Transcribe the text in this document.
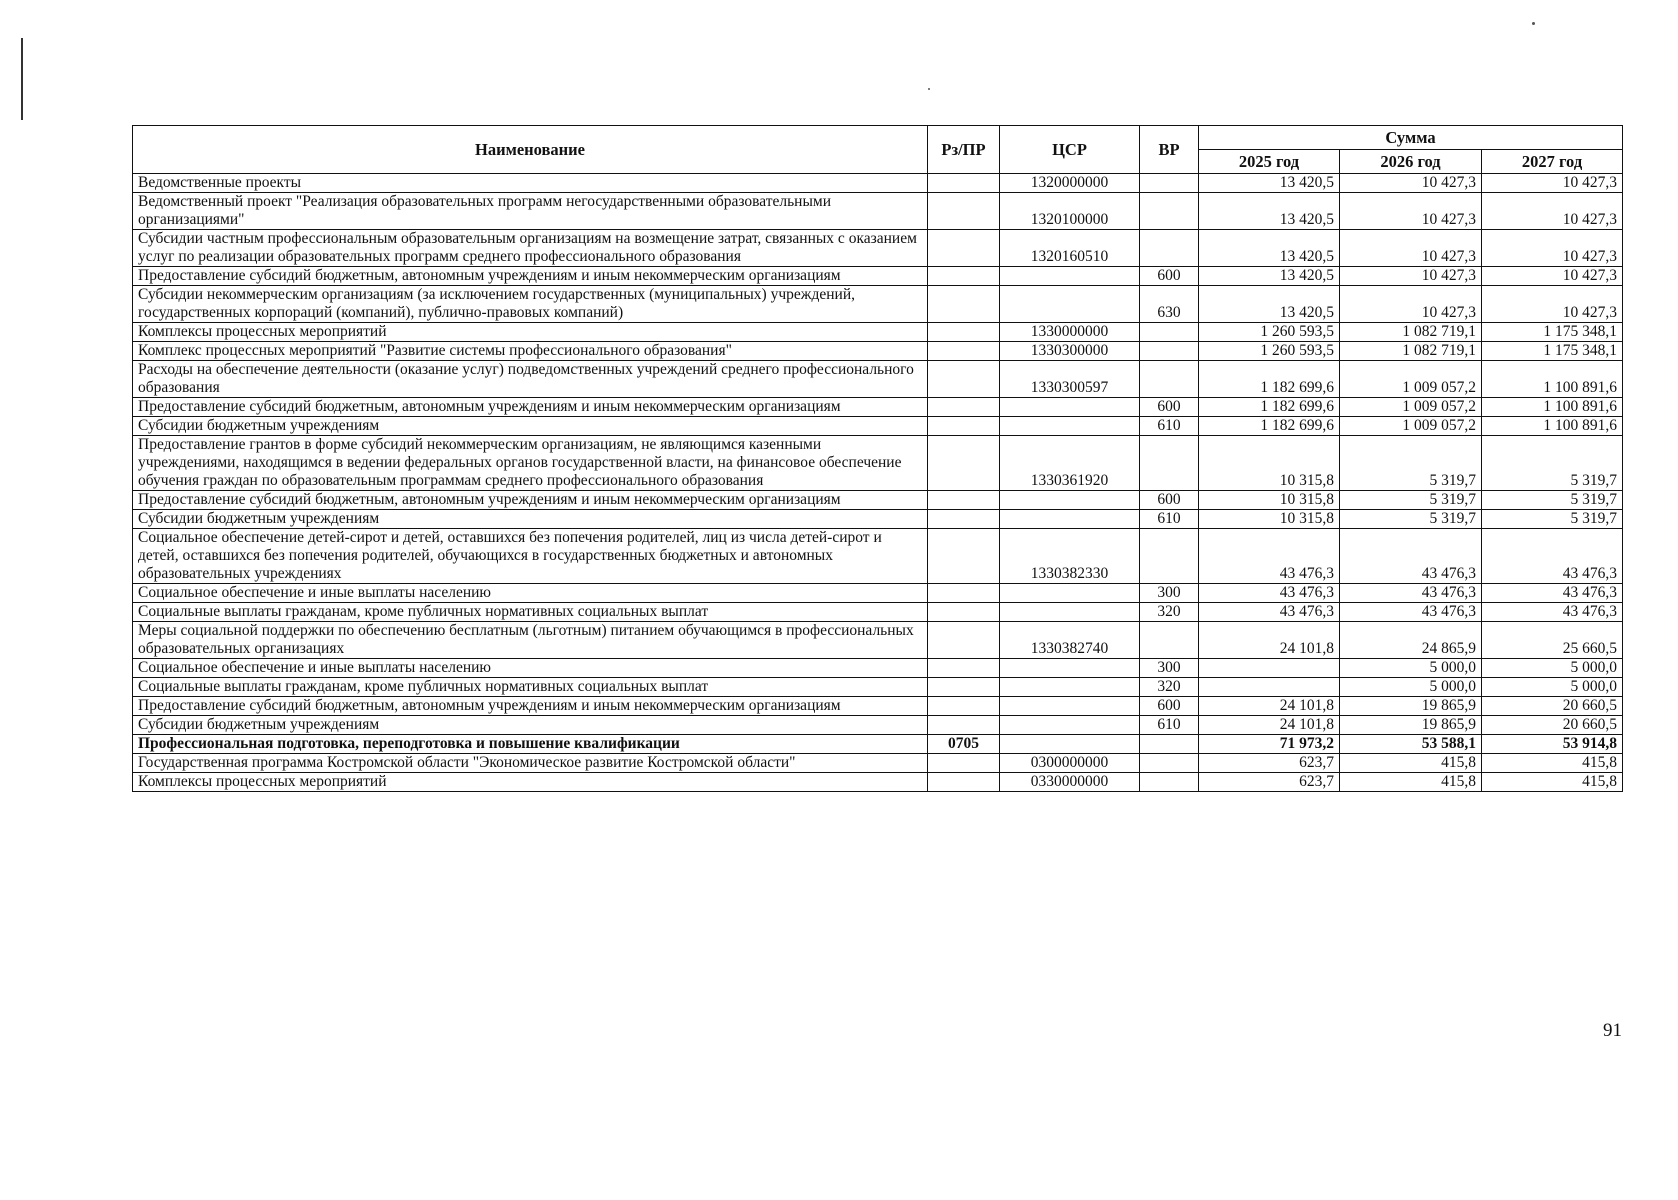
Наименование	Рз/ПР	ЦСР	ВР	Сумма		
				2025 год	2026 год	2027 год
Ведомственные проекты		1320000000		13 420,5	10 427,3	10 427,3
Ведомственный проект "Реализация образовательных программ негосударственными образовательными организациями"		1320100000		13 420,5	10 427,3	10 427,3
Субсидии частным профессиональным образовательным организациям на возмещение затрат, связанных с оказанием услуг по реализации образовательных программ среднего профессионального образования		1320160510		13 420,5	10 427,3	10 427,3
Предоставление субсидий бюджетным, автономным учреждениям и иным некоммерческим организациям			600	13 420,5	10 427,3	10 427,3
Субсидии некоммерческим организациям (за исключением государственных (муниципальных) учреждений, государственных корпораций (компаний), публично-правовых компаний)			630	13 420,5	10 427,3	10 427,3
Комплексы процессных мероприятий		1330000000		1 260 593,5	1 082 719,1	1 175 348,1
Комплекс процессных мероприятий "Развитие системы профессионального образования"		1330300000		1 260 593,5	1 082 719,1	1 175 348,1
Расходы на обеспечение деятельности (оказание услуг) подведомственных учреждений среднего профессионального образования		1330300597		1 182 699,6	1 009 057,2	1 100 891,6
Предоставление субсидий бюджетным, автономным учреждениям и иным некоммерческим организациям			600	1 182 699,6	1 009 057,2	1 100 891,6
Субсидии бюджетным учреждениям			610	1 182 699,6	1 009 057,2	1 100 891,6
Предоставление грантов в форме субсидий некоммерческим организациям, не являющимся казенными учреждениями, находящимся в ведении федеральных органов государственной власти, на финансовое обеспечение обучения граждан по образовательным программам среднего профессионального образования		1330361920		10 315,8	5 319,7	5 319,7
Предоставление субсидий бюджетным, автономным учреждениям и иным некоммерческим организациям			600	10 315,8	5 319,7	5 319,7
Субсидии бюджетным учреждениям			610	10 315,8	5 319,7	5 319,7
Социальное обеспечение детей-сирот и детей, оставшихся без попечения родителей, лиц из числа детей-сирот и детей, оставшихся без попечения родителей, обучающихся в государственных бюджетных и автономных образовательных учреждениях		1330382330		43 476,3	43 476,3	43 476,3
Социальное обеспечение и иные выплаты населению			300	43 476,3	43 476,3	43 476,3
Социальные выплаты гражданам, кроме публичных нормативных социальных выплат			320	43 476,3	43 476,3	43 476,3
Меры социальной поддержки по обеспечению бесплатным (льготным) питанием обучающимся в профессиональных образовательных организациях		1330382740		24 101,8	24 865,9	25 660,5
Социальное обеспечение и иные выплаты населению			300		5 000,0	5 000,0
Социальные выплаты гражданам, кроме публичных нормативных социальных выплат			320		5 000,0	5 000,0
Предоставление субсидий бюджетным, автономным учреждениям и иным некоммерческим организациям			600	24 101,8	19 865,9	20 660,5
Субсидии бюджетным учреждениям			610	24 101,8	19 865,9	20 660,5
Профессиональная подготовка, переподготовка и повышение квалификации	0705			71 973,2	53 588,1	53 914,8
Государственная программа Костромской области "Экономическое развитие Костромской области"		0300000000		623,7	415,8	415,8
Комплексы процессных мероприятий		0330000000		623,7	415,8	415,8
91
